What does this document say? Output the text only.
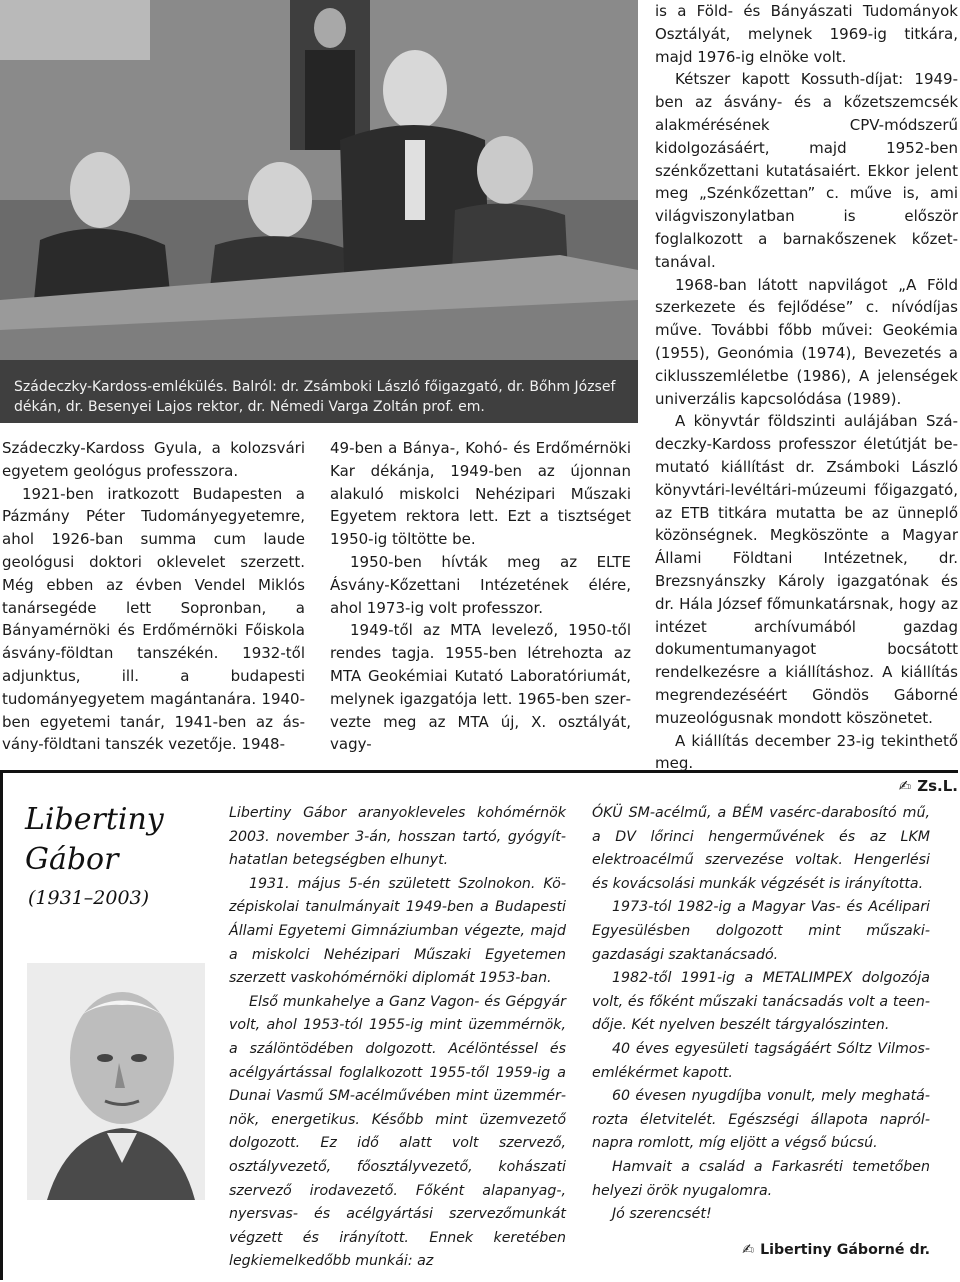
Szádeczky-Kardoss-emlékülés. Balról: dr. Zsámboki László főigazgató, dr. Bőhm József
dékán, dr. Besenyei Lajos rektor, dr. Némedi Varga Zoltán prof. em.

Szádeczky-Kardoss Gyula, a kolozsvári egyetem geológus professzora.

1921-ben iratkozott Budapesten a Pázmány Péter Tudományegyetemre, ahol 1926-ban summa cum laude geológusi doktori oklevelet szerzett. Még ebben az évben Vendel Miklós tanársegéde lett Sopronban, a Bányamérnöki és Erdőmérnöki Főiskola ásvány-földtan tanszékén. 1932-től adjunktus, ill. a budapesti tudományegyetem magántanára. 1940-ben egyetemi tanár, 1941-ben az ásvány-földtani tanszék vezetője. 1948-

49-ben a Bánya-, Kohó- és Erdőmérnöki Kar dékánja, 1949-ben az újonnan alakuló miskolci Nehézipari Műszaki Egyetem rektora lett. Ezt a tisztséget 1950-ig töltötte be.

1950-ben hívták meg az ELTE Ásvány-Kőzettani Intézetének élére, ahol 1973-ig volt professzor.

1949-től az MTA levelező, 1950-től rendes tagja. 1955-ben létrehozta az MTA Geokémiai Kutató Laboratóriumát, melynek igazgatója lett. 1965-ben szervezte meg az MTA új, X. osztályát, vagy-

is a Föld- és Bányászati Tudományok Osztályát, melynek 1969-ig titkára, majd 1976-ig elnöke volt.

Kétszer kapott Kossuth-díjat: 1949-ben az ásvány- és a kőzetszemcsék alakmérésének CPV-módszerű kidolgozásáért, majd 1952-ben szénkőzettani kutatásaiért. Ekkor jelent meg „Szénkőzettan” c. műve is, ami világviszonylatban is először foglalkozott a barnakőszenek kőzettanával.

1968-ban látott napvilágot „A Föld szerkezete és fejlődése” c. nívódíjas műve. További főbb művei: Geokémia (1955), Geonómia (1974), Bevezetés a ciklusszemléletbe (1986), A jelenségek univerzális kapcsolódása (1989).

A könyvtár földszinti aulájában Szádeczky-Kardoss professzor életútját bemutató kiállítást dr. Zsámboki László könyvtári-levéltári-múzeumi főigazgató, az ETB titkára mutatta be az ünneplő közönségnek. Megköszönte a Magyar Állami Földtani Intézetnek, dr. Brezsnyánszky Károly igazgatónak és dr. Hála József főmunkatársnak, hogy az intézet archívumából gazdag dokumentumanyagot bocsátott rendelkezésre a kiállításhoz. A kiállítás megrendezéséért Göndös Gáborné muzeológusnak mondott köszönetet.

A kiállítás december 23-ig tekinthető meg.

✍ Zs.L.
Libertiny
Gábor
(1931–2003)

Libertiny Gábor aranyokleveles kohómérnök 2003. november 3-án, hosszan tartó, gyógyíthatatlan betegségben elhunyt.

1931. május 5-én született Szolnokon. Középiskolai tanulmányait 1949-ben a Budapesti Állami Egyetemi Gimnáziumban végezte, majd a miskolci Nehézipari Műszaki Egyetemen szerzett vaskohómérnöki diplomát 1953-ban.

Első munkahelye a Ganz Vagon- és Gépgyár volt, ahol 1953-tól 1955-ig mint üzemmérnök, a szálöntödében dolgozott. Acélöntéssel és acélgyártással foglalkozott 1955-től 1959-ig a Dunai Vasmű SM-acélművében mint üzemmérnök, energetikus. Később mint üzemvezető dolgozott. Ez idő alatt volt szervező, osztályvezető, főosztályvezető, kohászati szervező irodavezető. Főként alapanyag-, nyersvas- és acélgyártási szervezőmunkát végzett és irányított. Ennek keretében legkiemelkedőbb munkái: az

ÓKÜ SM-acélmű, a BÉM vasérc-darabosító mű, a DV lőrinci hengerművének és az LKM elektroacélmű szervezése voltak. Hengerlési és kovácsolási munkák végzését is irányította.

1973-tól 1982-ig a Magyar Vas- és Acélipari Egyesülésben dolgozott mint műszaki-gazdasági szaktanácsadó.

1982-től 1991-ig a METALIMPEX dolgozója volt, és főként műszaki tanácsadás volt a teendője. Két nyelven beszélt tárgyalószinten.

40 éves egyesületi tagságáért Sóltz Vilmosemlékérmet kapott.

60 évesen nyugdíjba vonult, mely meghatározta életvitelét. Egészségi állapota napról-napra romlott, míg eljött a végső búcsú.

Hamvait a család a Farkasréti temetőben helyezi örök nyugalomra.

Jó szerencsét!

✍ Libertiny Gáborné dr.
